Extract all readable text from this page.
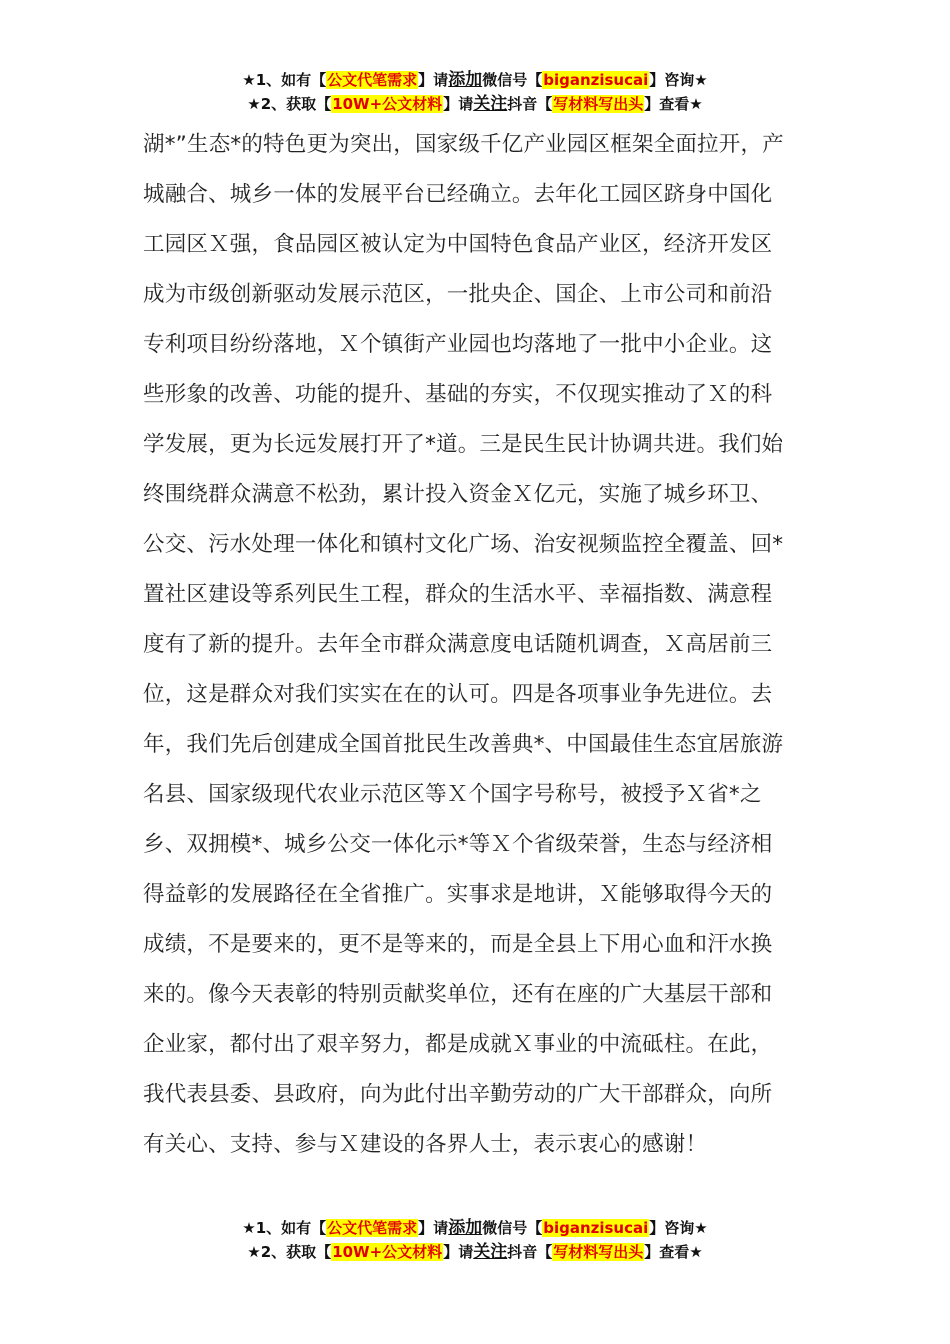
★1、如有【公文代笔需求】请添加微信号【biganzisucai】咨询★
★2、获取【10W+公文材料】请关注抖音【写材料写出头】查看★
湖*”生态*的特色更为突出，国家级千亿产业园区框架全面拉开，产
城融合、城乡一体的发展平台已经确立。去年化工园区跻身中国化
工园区Ｘ强，食品园区被认定为中国特色食品产业区，经济开发区
成为市级创新驱动发展示范区，一批央企、国企、上市公司和前沿
专利项目纷纷落地，Ｘ个镇街产业园也均落地了一批中小企业。这
些形象的改善、功能的提升、基础的夯实，不仅现实推动了Ｘ的科
学发展，更为长远发展打开了*道。三是民生民计协调共进。我们始
终围绕群众满意不松劲，累计投入资金Ｘ亿元，实施了城乡环卫、
公交、污水处理一体化和镇村文化广场、治安视频监控全覆盖、回*
置社区建设等系列民生工程，群众的生活水平、幸福指数、满意程
度有了新的提升。去年全市群众满意度电话随机调查，Ｘ高居前三
位，这是群众对我们实实在在的认可。四是各项事业争先进位。去
年，我们先后创建成全国首批民生改善典*、中国最佳生态宜居旅游
名县、国家级现代农业示范区等Ｘ个国字号称号，被授予Ｘ省*之
乡、双拥模*、城乡公交一体化示*等Ｘ个省级荣誉，生态与经济相
得益彰的发展路径在全省推广。实事求是地讲，Ｘ能够取得今天的
成绩，不是要来的，更不是等来的，而是全县上下用心血和汗水换
来的。像今天表彰的特别贡献奖单位，还有在座的广大基层干部和
企业家，都付出了艰辛努力，都是成就Ｘ事业的中流砥柱。在此，
我代表县委、县政府，向为此付出辛勤劳动的广大干部群众，向所
有关心、支持、参与Ｘ建设的各界人士，表示衷心的感谢！
★1、如有【公文代笔需求】请添加微信号【biganzisucai】咨询★
★2、获取【10W+公文材料】请关注抖音【写材料写出头】查看★
